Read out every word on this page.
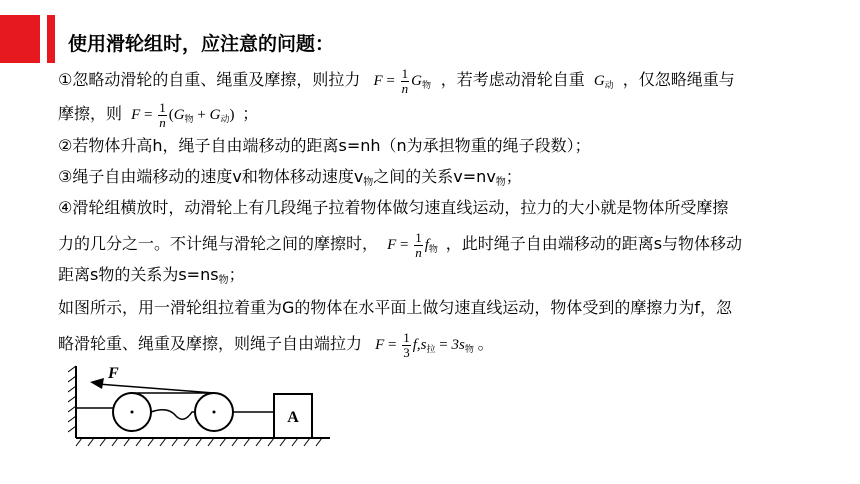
使用滑轮组时，应注意的问题：
①忽略动滑轮的自重、绳重及摩擦，则拉力 $F = \frac{1}{n} G_物$ ，若考虑动滑轮自重 $G_动$ ，仅忽略绳重与
摩擦，则 $F = \frac{1}{n} (G_物 + G_动)$ ；
②若物体升高h，绳子自由端移动的距离s=nh（n为承担物重的绳子段数）；
③绳子自由端移动的速度v和物体移动速度v物之间的关系v=nv物；
④滑轮组横放时，动滑轮上有几段绳子拉着物体做匀速直线运动，拉力的大小就是物体所受摩擦
力的几分之一。不计绳与滑轮之间的摩擦时， $F = \frac{1}{n} f_物$ ，此时绳子自由端移动的距离s与物体移动
距离s物的关系为s=ns物；
如图所示，用一滑轮组拉着重为G的物体在水平面上做匀速直线运动，物体受到的摩擦力为f，忽
略滑轮重、绳重及摩擦，则绳子自由端拉力 $F = \frac{1}{3} f,s_拉 = 3s_物$ 。
F
A
